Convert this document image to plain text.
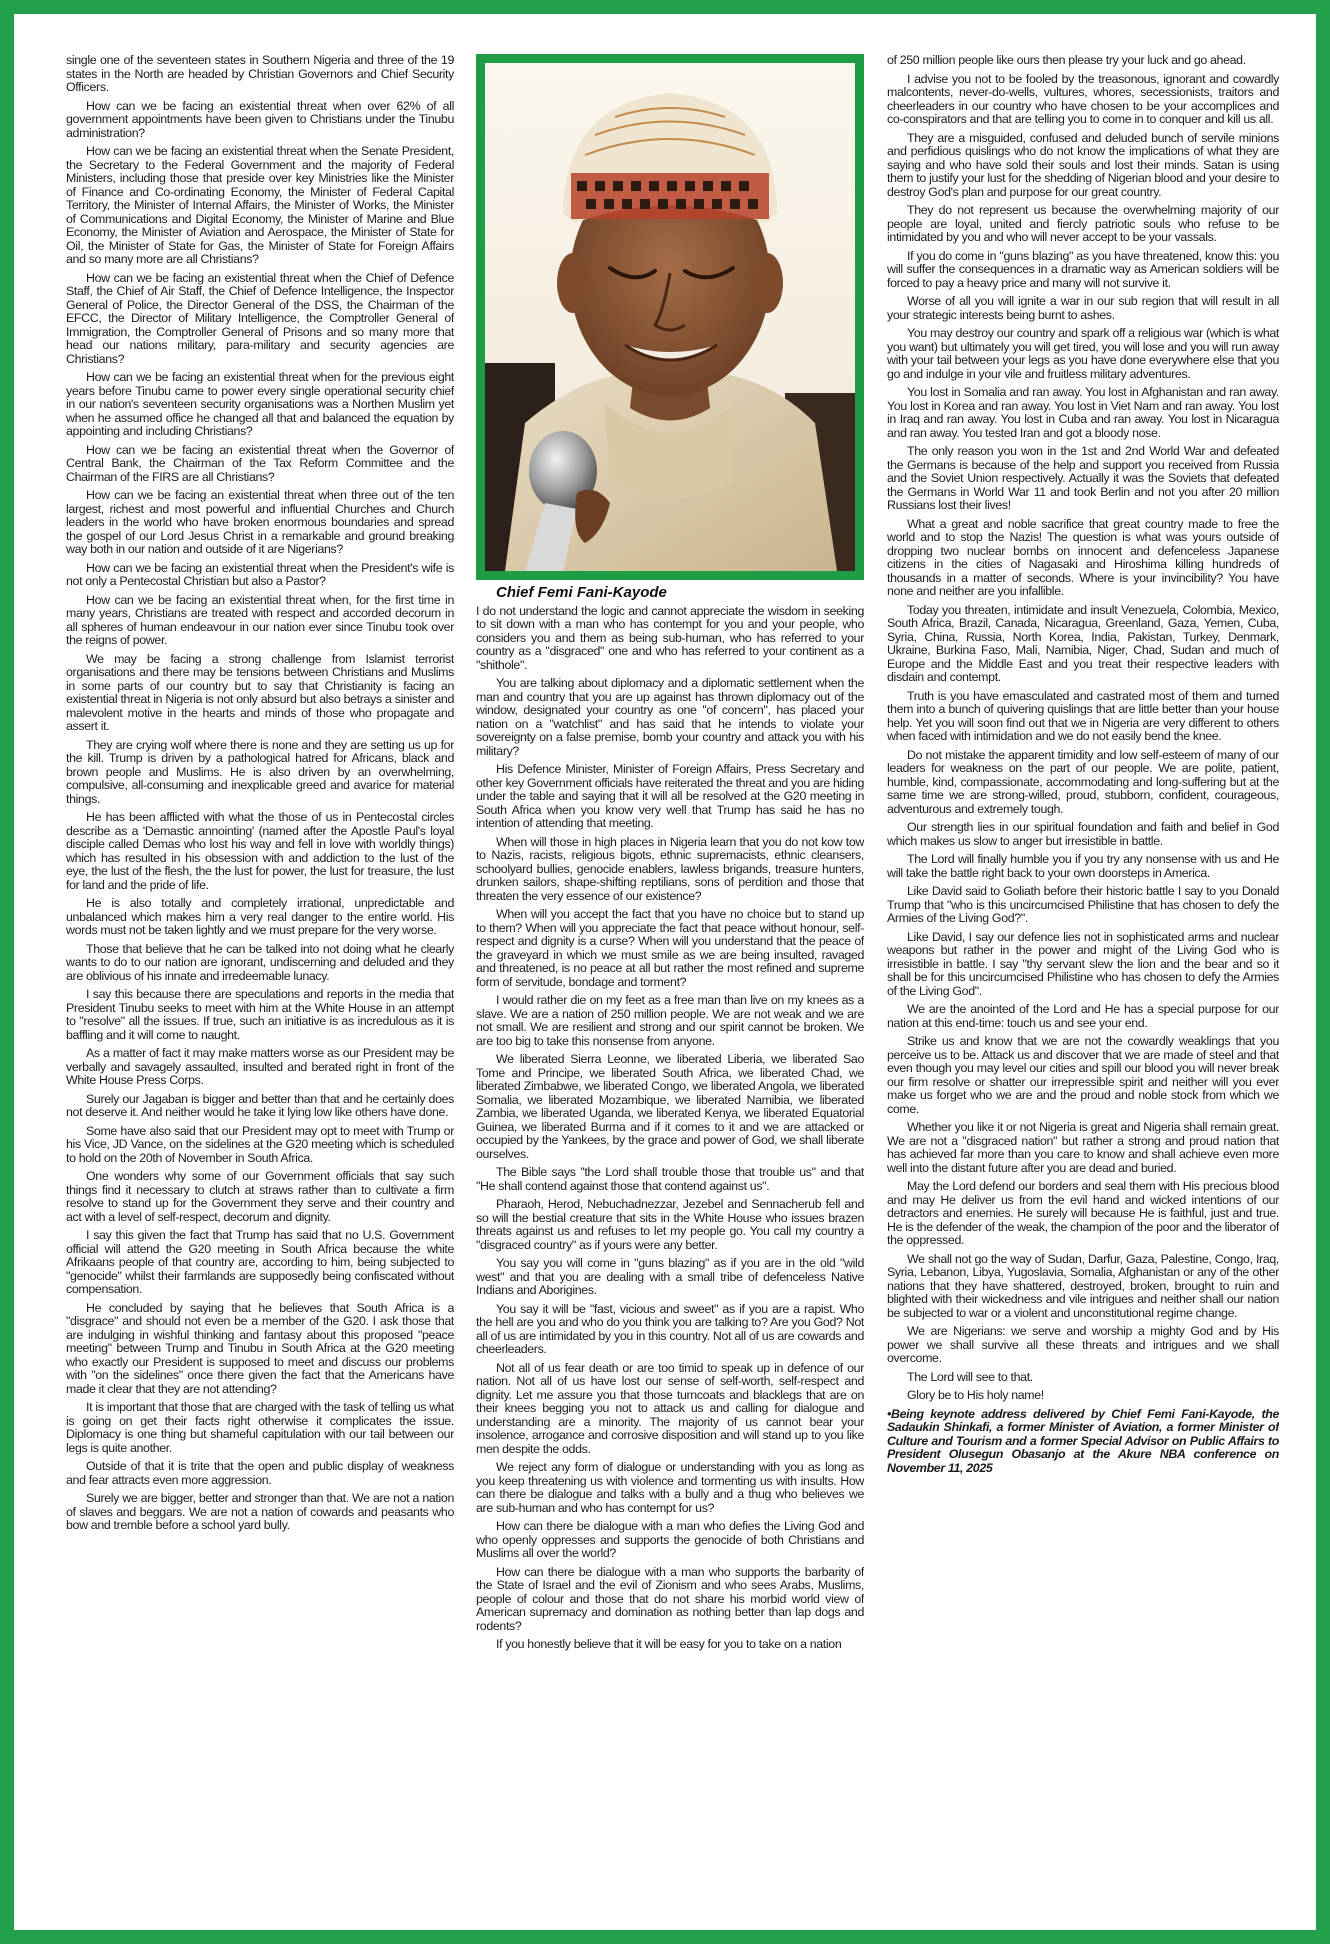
single one of the seventeen states in Southern Nigeria and three of the 19 states in the North are headed by Christian Governors and Chief Security Officers.

How can we be facing an existential threat when over 62% of all government appointments have been given to Christians under the Tinubu administration?

How can we be facing an existential threat when the Senate President, the Secretary to the Federal Government and the majority of Federal Ministers, including those that preside over key Ministries like the Minister of Finance and Co-ordinating Economy, the Minister of Federal Capital Territory, the Minister of Internal Affairs, the Minister of Works, the Minister of Communications and Digital Economy, the Minister of Marine and Blue Economy, the Minister of Aviation and Aerospace, the Minister of State for Oil, the Minister of State for Gas, the Minister of State for Foreign Affairs and so many more are all Christians?

How can we be facing an existential threat when the Chief of Defence Staff, the Chief of Air Staff, the Chief of Defence Intelligence, the Inspector General of Police, the Director General of the DSS, the Chairman of the EFCC, the Director of Military Intelligence, the Comptroller General of Immigration, the Comptroller General of Prisons and so many more that head our nations military, para-military and security agencies are Christians?

How can we be facing an existential threat when for the previous eight years before Tinubu came to power every single operational security chief in our nation's seventeen security organisations was a Northen Muslim yet when he assumed office he changed all that and balanced the equation by appointing and including Christians?

How can we be facing an existential threat when the Governor of Central Bank, the Chairman of the Tax Reform Committee and the Chairman of the FIRS are all Christians?

How can we be facing an existential threat when three out of the ten largest, richest and most powerful and influential Churches and Church leaders in the world who have broken enormous boundaries and spread the gospel of our Lord Jesus Christ in a remarkable and ground breaking way both in our nation and outside of it are Nigerians?

How can we be facing an existential threat when the President's wife is not only a Pentecostal Christian but also a Pastor?

How can we be facing an existential threat when, for the first time in many years, Christians are treated with respect and accorded decorum in all spheres of human endeavour in our nation ever since Tinubu took over the reigns of power.

We may be facing a strong challenge from Islamist terrorist organisations and there may be tensions between Christians and Muslims in some parts of our country but to say that Christianity is facing an existential threat in Nigeria is not only absurd but also betrays a sinister and malevolent motive in the hearts and minds of those who propagate and assert it.

They are crying wolf where there is none and they are setting us up for the kill. Trump is driven by a pathological hatred for Africans, black and brown people and Muslims. He is also driven by an overwhelming, compulsive, all-consuming and inexplicable greed and avarice for material things.

He has been afflicted with what the those of us in Pentecostal circles describe as a 'Demastic annointing' (named after the Apostle Paul's loyal disciple called Demas who lost his way and fell in love with worldly things) which has resulted in his obsession with and addiction to the lust of the eye, the lust of the flesh, the the lust for power, the lust for treasure, the lust for land and the pride of life.

He is also totally and completely irrational, unpredictable and unbalanced which makes him a very real danger to the entire world. His words must not be taken lightly and we must prepare for the very worse.

Those that believe that he can be talked into not doing what he clearly wants to do to our nation are ignorant, undiscerning and deluded and they are oblivious of his innate and irredeemable lunacy.

I say this because there are speculations and reports in the media that President Tinubu seeks to meet with him at the White House in an attempt to "resolve" all the issues. If true, such an initiative is as incredulous as it is baffling and it will come to naught.

As a matter of fact it may make matters worse as our President may be verbally and savagely assaulted, insulted and berated right in front of the White House Press Corps.

Surely our Jagaban is bigger and better than that and he certainly does not deserve it. And neither would he take it lying low like others have done.

Some have also said that our President may opt to meet with Trump or his Vice, JD Vance, on the sidelines at the G20 meeting which is scheduled to hold on the 20th of November in South Africa.

One wonders why some of our Government officials that say such things find it necessary to clutch at straws rather than to cultivate a firm resolve to stand up for the Government they serve and their country and act with a level of self-respect, decorum and dignity.

I say this given the fact that Trump has said that no U.S. Government official will attend the G20 meeting in South Africa because the white Afrikaans people of that country are, according to him, being subjected to "genocide" whilst their farmlands are supposedly being confiscated without compensation.

He concluded by saying that he believes that South Africa is a "disgrace" and should not even be a member of the G20. I ask those that are indulging in wishful thinking and fantasy about this proposed "peace meeting" between Trump and Tinubu in South Africa at the G20 meeting who exactly our President is supposed to meet and discuss our problems with "on the sidelines" once there given the fact that the Americans have made it clear that they are not attending?

It is important that those that are charged with the task of telling us what is going on get their facts right otherwise it complicates the issue. Diplomacy is one thing but shameful capitulation with our tail between our legs is quite another.

Outside of that it is trite that the open and public display of weakness and fear attracts even more aggression.

Surely we are bigger, better and stronger than that. We are not a nation of slaves and beggars. We are not a nation of cowards and peasants who bow and tremble before a school yard bully.

Chief Femi Fani-Kayode

I do not understand the logic and cannot appreciate the wisdom in seeking to sit down with a man who has contempt for you and your people, who considers you and them as being sub-human, who has referred to your country as a "disgraced" one and who has referred to your continent as a "shithole".

You are talking about diplomacy and a diplomatic settlement when the man and country that you are up against has thrown diplomacy out of the window, designated your country as one "of concern", has placed your nation on a "watchlist" and has said that he intends to violate your sovereignty on a false premise, bomb your country and attack you with his military?

His Defence Minister, Minister of Foreign Affairs, Press Secretary and other key Government officials have reiterated the threat and you are hiding under the table and saying that it will all be resolved at the G20 meeting in South Africa when you know very well that Trump has said he has no intention of attending that meeting.

When will those in high places in Nigeria learn that you do not kow tow to Nazis, racists, religious bigots, ethnic supremacists, ethnic cleansers, schoolyard bullies, genocide enablers, lawless brigands, treasure hunters, drunken sailors, shape-shifting reptilians, sons of perdition and those that threaten the very essence of our existence?

When will you accept the fact that you have no choice but to stand up to them? When will you appreciate the fact that peace without honour, self-respect and dignity is a curse? When will you understand that the peace of the graveyard in which we must smile as we are being insulted, ravaged and threatened, is no peace at all but rather the most refined and supreme form of servitude, bondage and torment?

I would rather die on my feet as a free man than live on my knees as a slave. We are a nation of 250 million people. We are not weak and we are not small. We are resilient and strong and our spirit cannot be broken. We are too big to take this nonsense from anyone.

We liberated Sierra Leonne, we liberated Liberia, we liberated Sao Tome and Principe, we liberated South Africa, we liberated Chad, we liberated Zimbabwe, we liberated Congo, we liberated Angola, we liberated Somalia, we liberated Mozambique, we liberated Namibia, we liberated Zambia, we liberated Uganda, we liberated Kenya, we liberated Equatorial Guinea, we liberated Burma and if it comes to it and we are attacked or occupied by the Yankees, by the grace and power of God, we shall liberate ourselves.

The Bible says "the Lord shall trouble those that trouble us" and that "He shall contend against those that contend against us".

Pharaoh, Herod, Nebuchadnezzar, Jezebel and Sennacherub fell and so will the bestial creature that sits in the White House who issues brazen threats against us and refuses to let my people go. You call my country a "disgraced country" as if yours were any better.

You say you will come in "guns blazing" as if you are in the old "wild west" and that you are dealing with a small tribe of defenceless Native Indians and Aborigines.

You say it will be "fast, vicious and sweet" as if you are a rapist. Who the hell are you and who do you think you are talking to? Are you God? Not all of us are intimidated by you in this country. Not all of us are cowards and cheerleaders.

Not all of us fear death or are too timid to speak up in defence of our nation. Not all of us have lost our sense of self-worth, self-respect and dignity. Let me assure you that those turncoats and blacklegs that are on their knees begging you not to attack us and calling for dialogue and understanding are a minority. The majority of us cannot bear your insolence, arrogance and corrosive disposition and will stand up to you like men despite the odds.

We reject any form of dialogue or understanding with you as long as you keep threatening us with violence and tormenting us with insults. How can there be dialogue and talks with a bully and a thug who believes we are sub-human and who has contempt for us?

How can there be dialogue with a man who defies the Living God and who openly oppresses and supports the genocide of both Christians and Muslims all over the world?

How can there be dialogue with a man who supports the barbarity of the State of Israel and the evil of Zionism and who sees Arabs, Muslims, people of colour and those that do not share his morbid world view of American supremacy and domination as nothing better than lap dogs and rodents?

If you honestly believe that it will be easy for you to take on a nation

of 250 million people like ours then please try your luck and go ahead.

I advise you not to be fooled by the treasonous, ignorant and cowardly malcontents, never-do-wells, vultures, whores, secessionists, traitors and cheerleaders in our country who have chosen to be your accomplices and co-conspirators and that are telling you to come in to conquer and kill us all.

They are a misguided, confused and deluded bunch of servile minions and perfidious quislings who do not know the implications of what they are saying and who have sold their souls and lost their minds. Satan is using them to justify your lust for the shedding of Nigerian blood and your desire to destroy God's plan and purpose for our great country.

They do not represent us because the overwhelming majority of our people are loyal, united and fiercly patriotic souls who refuse to be intimidated by you and who will never accept to be your vassals.

If you do come in "guns blazing" as you have threatened, know this: you will suffer the consequences in a dramatic way as American soldiers will be forced to pay a heavy price and many will not survive it.

Worse of all you will ignite a war in our sub region that will result in all your strategic interests being burnt to ashes.

You may destroy our country and spark off a religious war (which is what you want) but ultimately you will get tired, you will lose and you will run away with your tail between your legs as you have done everywhere else that you go and indulge in your vile and fruitless military adventures.

You lost in Somalia and ran away. You lost in Afghanistan and ran away. You lost in Korea and ran away. You lost in Viet Nam and ran away. You lost in Iraq and ran away. You lost in Cuba and ran away. You lost in Nicaragua and ran away. You tested Iran and got a bloody nose.

The only reason you won in the 1st and 2nd World War and defeated the Germans is because of the help and support you received from Russia and the Soviet Union respectively. Actually it was the Soviets that defeated the Germans in World War 11 and took Berlin and not you after 20 million Russians lost their lives!

What a great and noble sacrifice that great country made to free the world and to stop the Nazis! The question is what was yours outside of dropping two nuclear bombs on innocent and defenceless Japanese citizens in the cities of Nagasaki and Hiroshima killing hundreds of thousands in a matter of seconds. Where is your invincibility? You have none and neither are you infallible.

Today you threaten, intimidate and insult Venezuela, Colombia, Mexico, South Africa, Brazil, Canada, Nicaragua, Greenland, Gaza, Yemen, Cuba, Syria, China, Russia, North Korea, India, Pakistan, Turkey, Denmark, Ukraine, Burkina Faso, Mali, Namibia, Niger, Chad, Sudan and much of Europe and the Middle East and you treat their respective leaders with disdain and contempt.

Truth is you have emasculated and castrated most of them and turned them into a bunch of quivering quislings that are little better than your house help. Yet you will soon find out that we in Nigeria are very different to others when faced with intimidation and we do not easily bend the knee.

Do not mistake the apparent timidity and low self-esteem of many of our leaders for weakness on the part of our people. We are polite, patient, humble, kind, compassionate, accommodating and long-suffering but at the same time we are strong-willed, proud, stubborn, confident, courageous, adventurous and extremely tough.

Our strength lies in our spiritual foundation and faith and belief in God which makes us slow to anger but irresistible in battle.

The Lord will finally humble you if you try any nonsense with us and He will take the battle right back to your own doorsteps in America.

Like David said to Goliath before their historic battle I say to you Donald Trump that "who is this uncircumcised Philistine that has chosen to defy the Armies of the Living God?".

Like David, I say our defence lies not in sophisticated arms and nuclear weapons but rather in the power and might of the Living God who is irresistible in battle. I say "thy servant slew the lion and the bear and so it shall be for this uncircumcised Philistine who has chosen to defy the Armies of the Living God".

We are the anointed of the Lord and He has a special purpose for our nation at this end-time: touch us and see your end.

Strike us and know that we are not the cowardly weaklings that you perceive us to be. Attack us and discover that we are made of steel and that even though you may level our cities and spill our blood you will never break our firm resolve or shatter our irrepressible spirit and neither will you ever make us forget who we are and the proud and noble stock from which we come.

Whether you like it or not Nigeria is great and Nigeria shall remain great. We are not a "disgraced nation" but rather a strong and proud nation that has achieved far more than you care to know and shall achieve even more well into the distant future after you are dead and buried.

May the Lord defend our borders and seal them with His precious blood and may He deliver us from the evil hand and wicked intentions of our detractors and enemies. He surely will because He is faithful, just and true. He is the defender of the weak, the champion of the poor and the liberator of the oppressed.

We shall not go the way of Sudan, Darfur, Gaza, Palestine, Congo, Iraq, Syria, Lebanon, Libya, Yugoslavia, Somalia, Afghanistan or any of the other nations that they have shattered, destroyed, broken, brought to ruin and blighted with their wickedness and vile intrigues and neither shall our nation be subjected to war or a violent and unconstitutional regime change.

We are Nigerians: we serve and worship a mighty God and by His power we shall survive all these threats and intrigues and we shall overcome.

The Lord will see to that.

Glory be to His holy name!

•Being keynote address delivered by Chief Femi Fani-Kayode, the Sadaukin Shinkafi, a former Minister of Aviation, a former Minister of Culture and Tourism and a former Special Advisor on Public Affairs to President Olusegun Obasanjo at the Akure NBA conference on November 11, 2025
